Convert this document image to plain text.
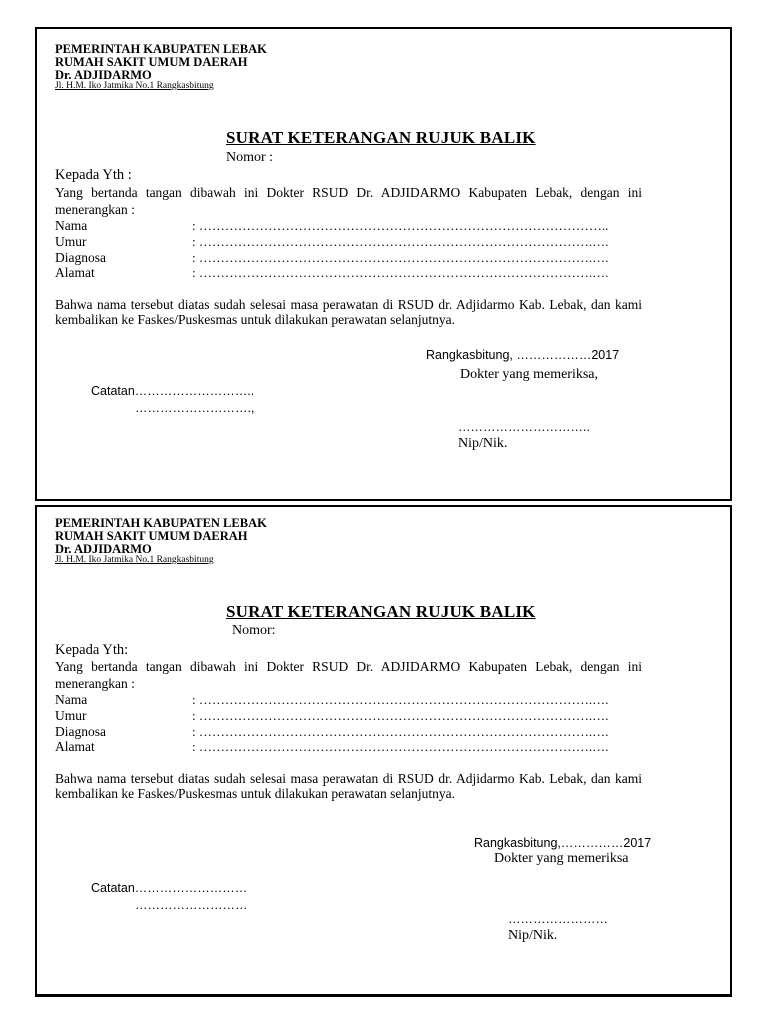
PEMERINTAH KABUPATEN LEBAK
RUMAH SAKIT UMUM DAERAH
Dr. ADJIDARMO
Jl. H.M. Iko Jatmika No.1 Rangkasbitung
SURAT KETERANGAN RUJUK BALIK
Nomor :
Kepada Yth :
Yang bertanda tangan dibawah ini Dokter RSUD Dr. ADJIDARMO Kabupaten Lebak, dengan ini
menerangkan :
Nama	: …………………………………………………………………………………..
Umur	: ……………………………………………………………………………….….
Diagnosa	: ……………………………………………………………………………….….
Alamat	: ……………………………………………………………………………….….
Bahwa nama tersebut diatas sudah selesai masa perawatan di RSUD dr. Adjidarmo Kab. Lebak, dan kami kembalikan ke Faskes/Puskesmas untuk dilakukan perawatan selanjutnya.
Rangkasbitung, ………………2017
Dokter yang memeriksa,
Catatan………………………..
……………………….,
…………………………..
Nip/Nik.
PEMERINTAH KABUPATEN LEBAK
RUMAH SAKIT UMUM DAERAH
Dr. ADJIDARMO
Jl. H.M. Iko Jatmika No.1 Rangkasbitung
SURAT KETERANGAN RUJUK BALIK
Nomor:
Kepada Yth:
Yang bertanda tangan dibawah ini Dokter RSUD Dr. ADJIDARMO Kabupaten Lebak, dengan ini
menerangkan :
Nama	: ……………………………………………………………………………….….
Umur	: ……………………………………………………………………………….….
Diagnosa	: ……………………………………………………………………………….….
Alamat	: ……………………………………………………………………………….….
Bahwa nama tersebut diatas sudah selesai masa perawatan di RSUD dr. Adjidarmo Kab. Lebak, dan kami kembalikan ke Faskes/Puskesmas untuk dilakukan perawatan selanjutnya.
Rangkasbitung,……………2017
Dokter yang memeriksa
Catatan………………………
………………………
……………………
Nip/Nik.
